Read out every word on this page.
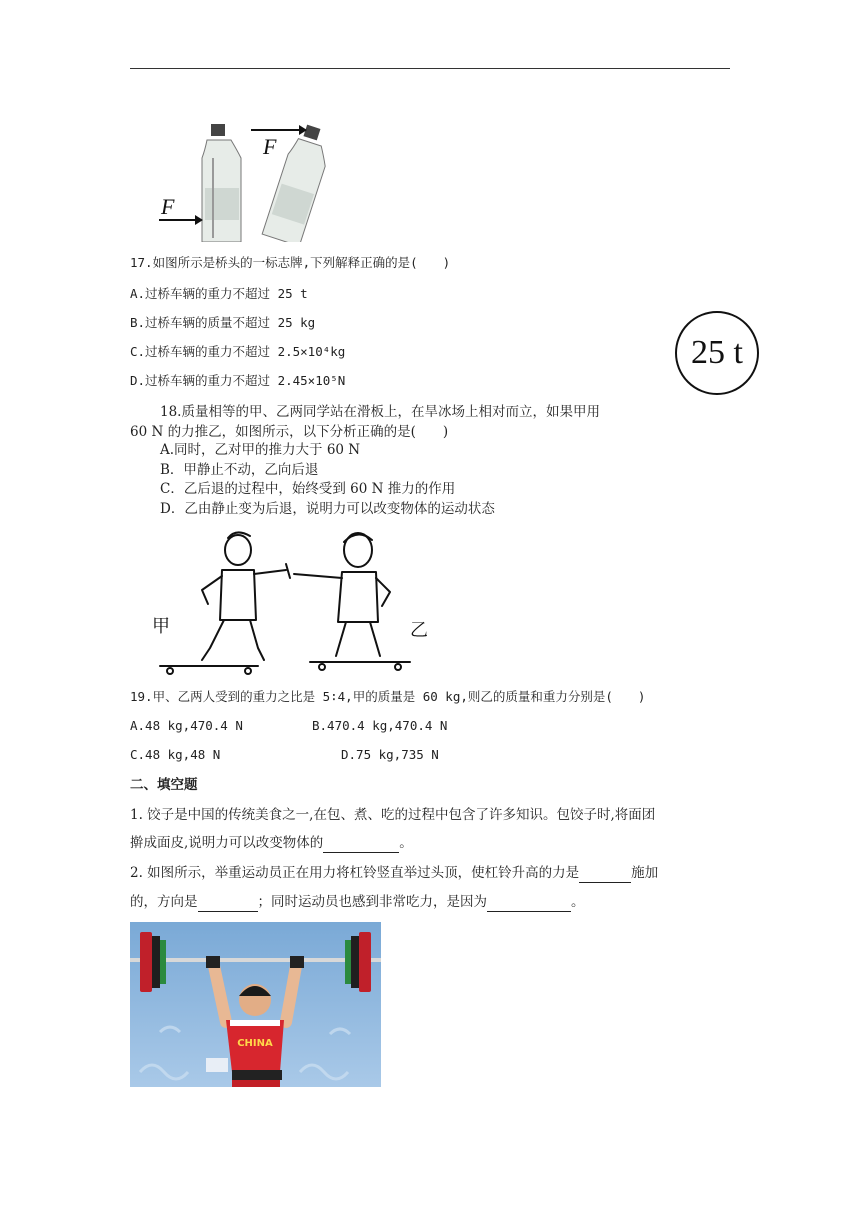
F
F
17.如图所示是桥头的一标志牌,下列解释正确的是(　　)
A.过桥车辆的重力不超过 25 t
B.过桥车辆的质量不超过 25 kg
C.过桥车辆的重力不超过 2.5×10⁴kg
D.过桥车辆的重力不超过 2.45×10⁵N
25 t
18.质量相等的甲、乙两同学站在滑板上，在旱冰场上相对而立，如果甲用
60 N 的力推乙，如图所示，以下分析正确的是(　　)
A.同时，乙对甲的推力大于 60 N
B．甲静止不动，乙向后退
C．乙后退的过程中，始终受到 60 N 推力的作用
D．乙由静止变为后退，说明力可以改变物体的运动状态
甲	乙
19.甲、乙两人受到的重力之比是 5∶4,甲的质量是 60 kg,则乙的质量和重力分别是(　　)
A.48 kg,470.4 N	B.470.4 kg,470.4 N
C.48 kg,48 N	D.75 kg,735 N
二、填空题
1. 饺子是中国的传统美食之一,在包、煮、吃的过程中包含了许多知识。包饺子时,将面团
擀成面皮,说明力可以改变物体的	。
2. 如图所示，举重运动员正在用力将杠铃竖直举过头顶，使杠铃升高的力是	施加
的，方向是	；同时运动员也感到非常吃力，是因为	。
CHINA
